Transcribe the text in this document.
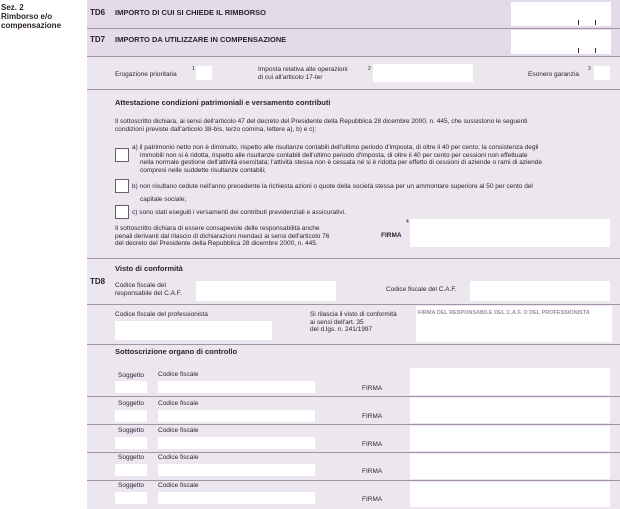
Sez. 2
Rimborso e/o
compensazione
TD6 IMPORTO DI CUI SI CHIEDE IL RIMBORSO
TD7 IMPORTO DA UTILIZZARE IN COMPENSAZIONE
Erogazione prioritaria
1	Imposta relativa alle operazioni
di cui all'articolo 17-ter
2
Esonero garanzia
3
Attestazione condizioni patrimoniali e versamento contributi
Il sottoscritto dichiara, ai sensi dell'articolo 47 del decreto del Presidente della Repubblica 28 dicembre 2000, n. 445, che sussistono le seguenti
condizioni previste dall'articolo 38-bis, terzo comma, lettere a), b) e c):
a) il patrimonio netto non è diminuito, rispetto alle risultanze contabili dell'ultimo periodo d'imposta, di oltre il 40 per cento; la consistenza degli
immobili non si è ridotta, rispetto alle risultanze contabili dell'ultimo periodo d'imposta, di oltre il 40 per cento per cessioni non effettuate
nella normale gestione dell'attività esercitata; l'attività stessa non è cessata né si è ridotta per effetto di cessioni di aziende o rami di aziende
compresi nelle suddette risultanze contabili;
b) non risultano cedute nell'anno precedente la richiesta azioni o quote della società stessa per un ammontare superiore al 50 per cento del
capitale sociale;
c) sono stati eseguiti i versamenti dei contributi previdenziali e assicurativi.
Il sottoscritto dichiara di essere consapevole delle responsabilità anche
penali derivanti dal rilascio di dichiarazioni mendaci ai sensi dell'articolo 76
del decreto del Presidente della Repubblica 28 dicembre 2000, n. 445.
FIRMA
4
TD8
Visto di conformità
Codice fiscale del
responsabile del C.A.F.	Codice fiscale del C.A.F.
Codice fiscale del professionista	Si rilascia il visto di conformità
ai sensi dell'art. 35
del d.lgs. n. 241/1997
FIRMA DEL RESPONSABILE DEL C.A.F. O DEL PROFESSIONISTA
Sottoscrizione organo di controllo
Soggetto Codice fiscale
FIRMA
Soggetto Codice fiscale
FIRMA
Soggetto Codice fiscale
FIRMA
Soggetto Codice fiscale
FIRMA
Soggetto Codice fiscale
FIRMA
